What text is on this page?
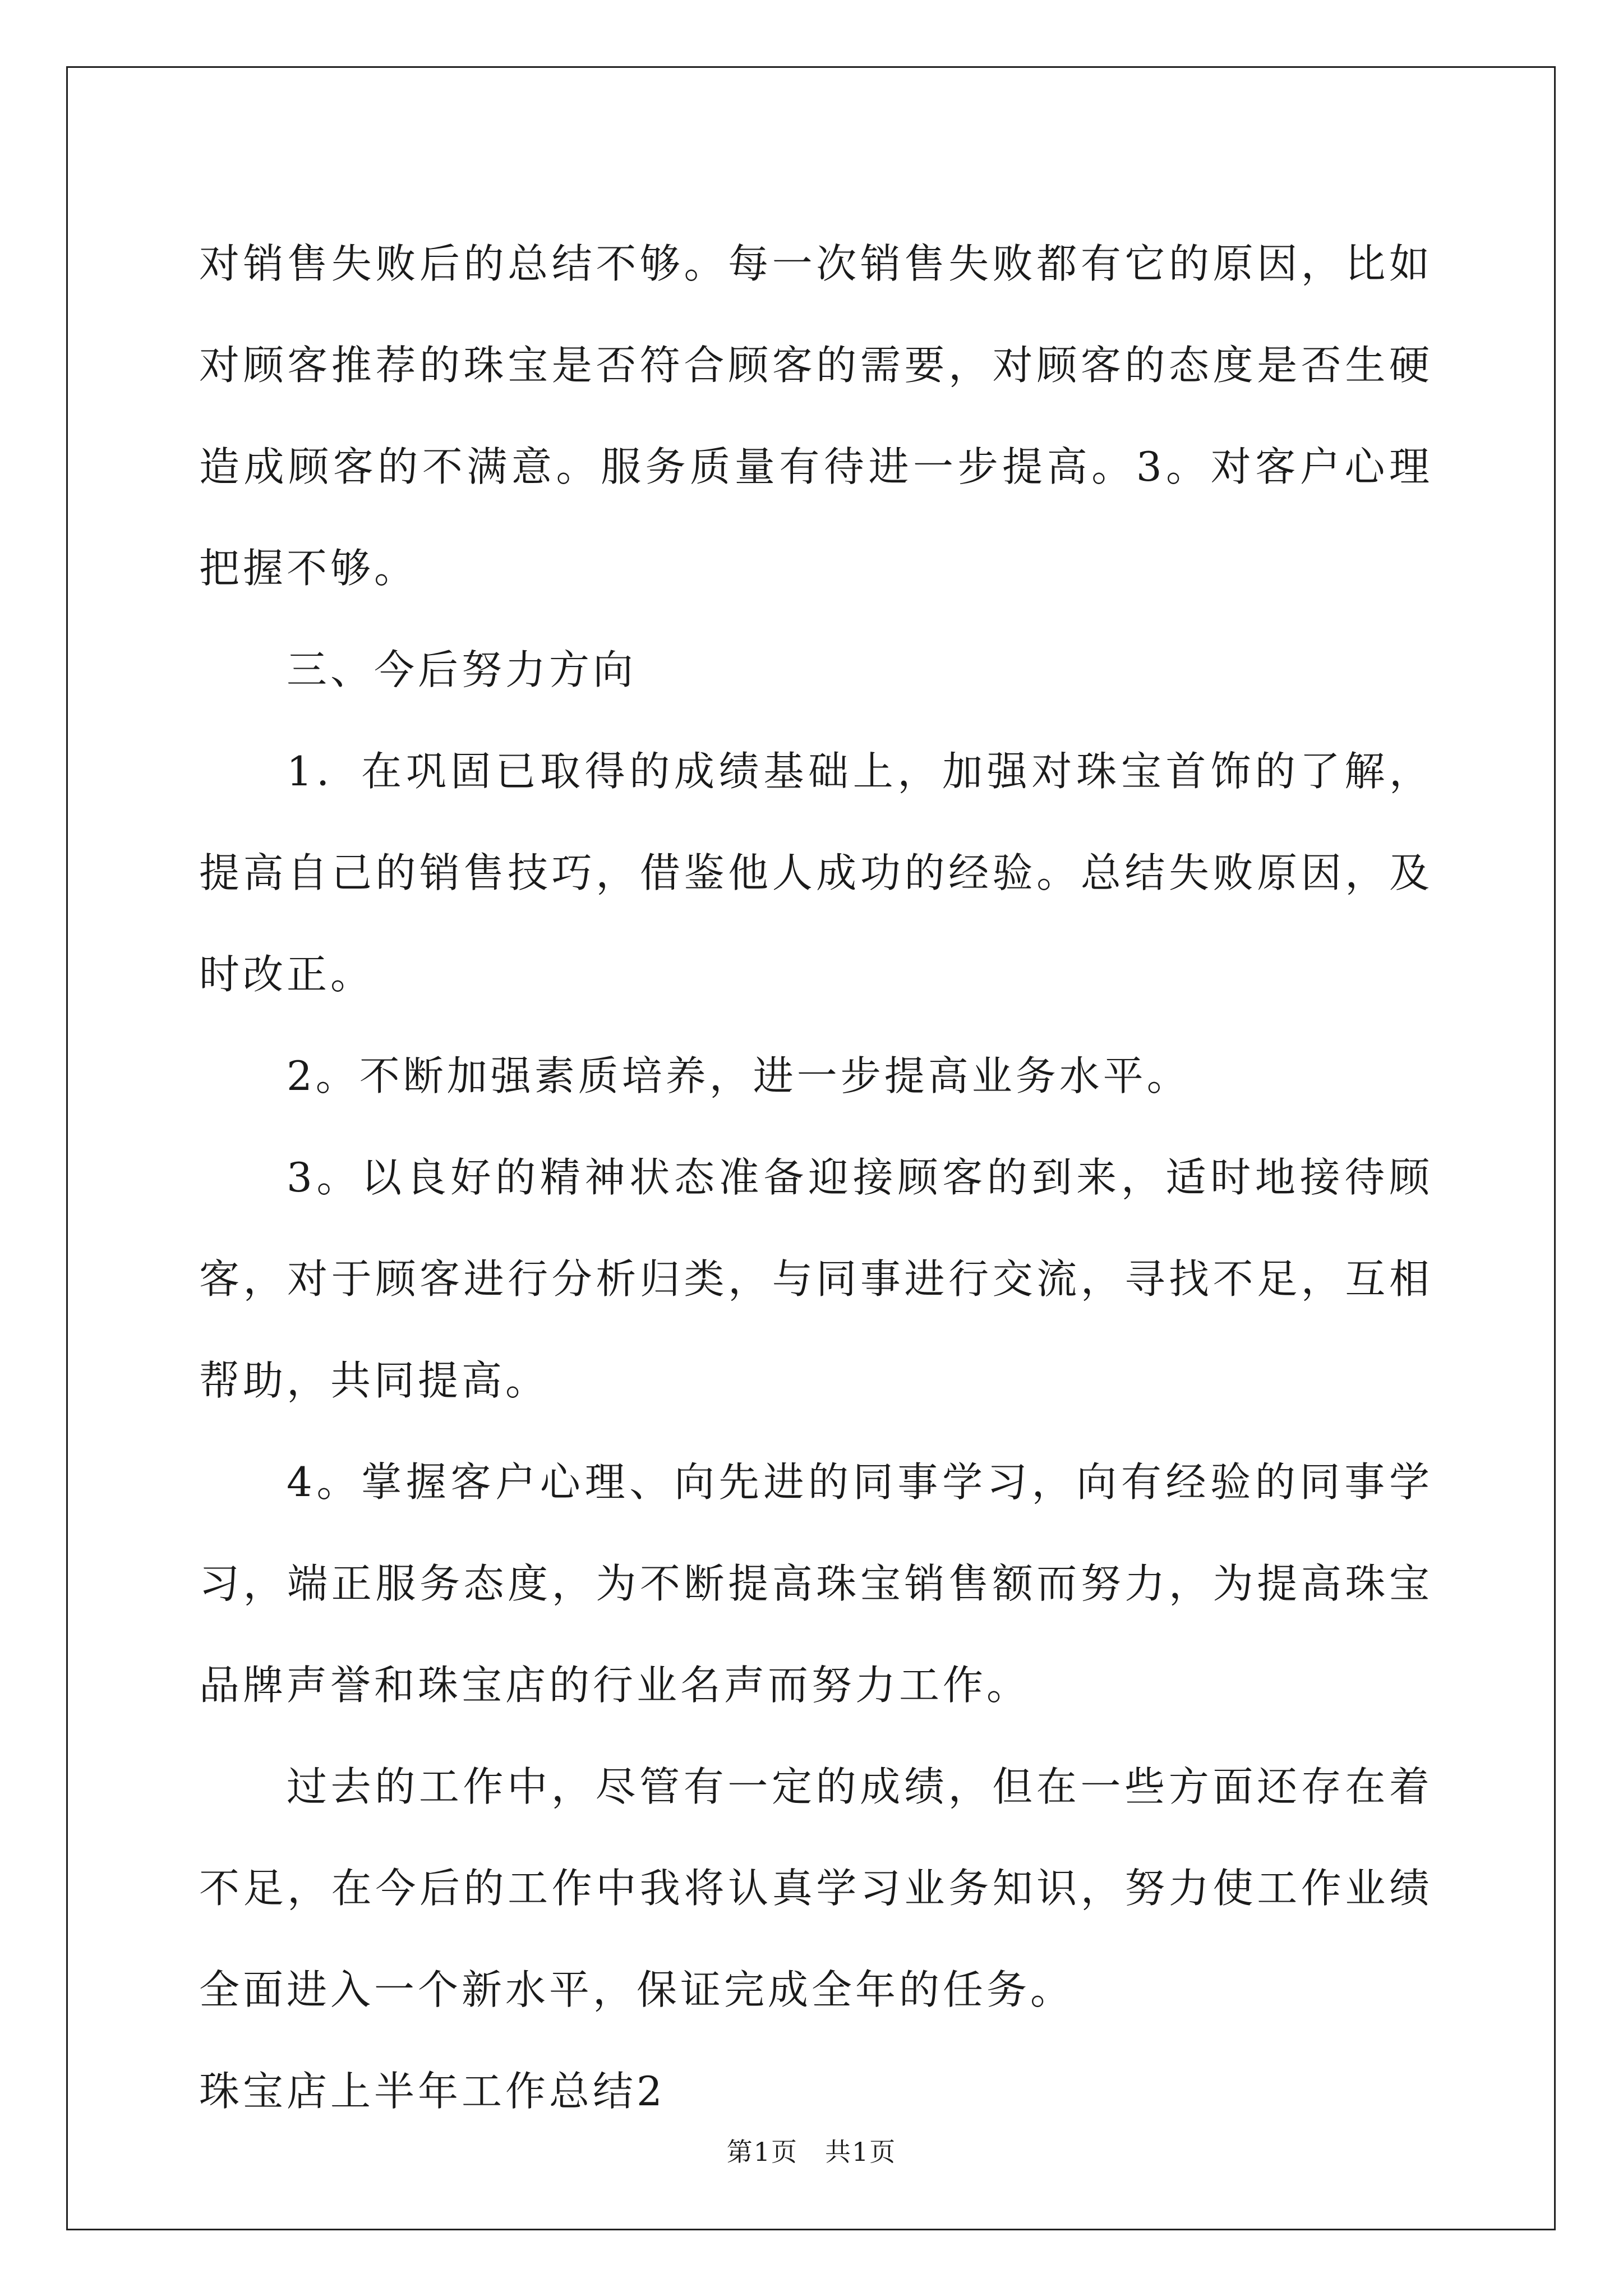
对销售失败后的总结不够。每一次销售失败都有它的原因，比如对顾客推荐的珠宝是否符合顾客的需要，对顾客的态度是否生硬造成顾客的不满意。服务质量有待进一步提高。3。对客户心理把握不够。

三、今后努力方向

1．在巩固已取得的成绩基础上，加强对珠宝首饰的了解，提高自己的销售技巧，借鉴他人成功的经验。总结失败原因，及时改正。

2。不断加强素质培养，进一步提高业务水平。

3。以良好的精神状态准备迎接顾客的到来，适时地接待顾客，对于顾客进行分析归类，与同事进行交流，寻找不足，互相帮助，共同提高。

4。掌握客户心理、向先进的同事学习，向有经验的同事学习，端正服务态度，为不断提高珠宝销售额而努力，为提高珠宝品牌声誉和珠宝店的行业名声而努力工作。

过去的工作中，尽管有一定的成绩，但在一些方面还存在着不足，在今后的工作中我将认真学习业务知识，努力使工作业绩全面进入一个新水平，保证完成全年的任务。

珠宝店上半年工作总结2

第1页　共1页
